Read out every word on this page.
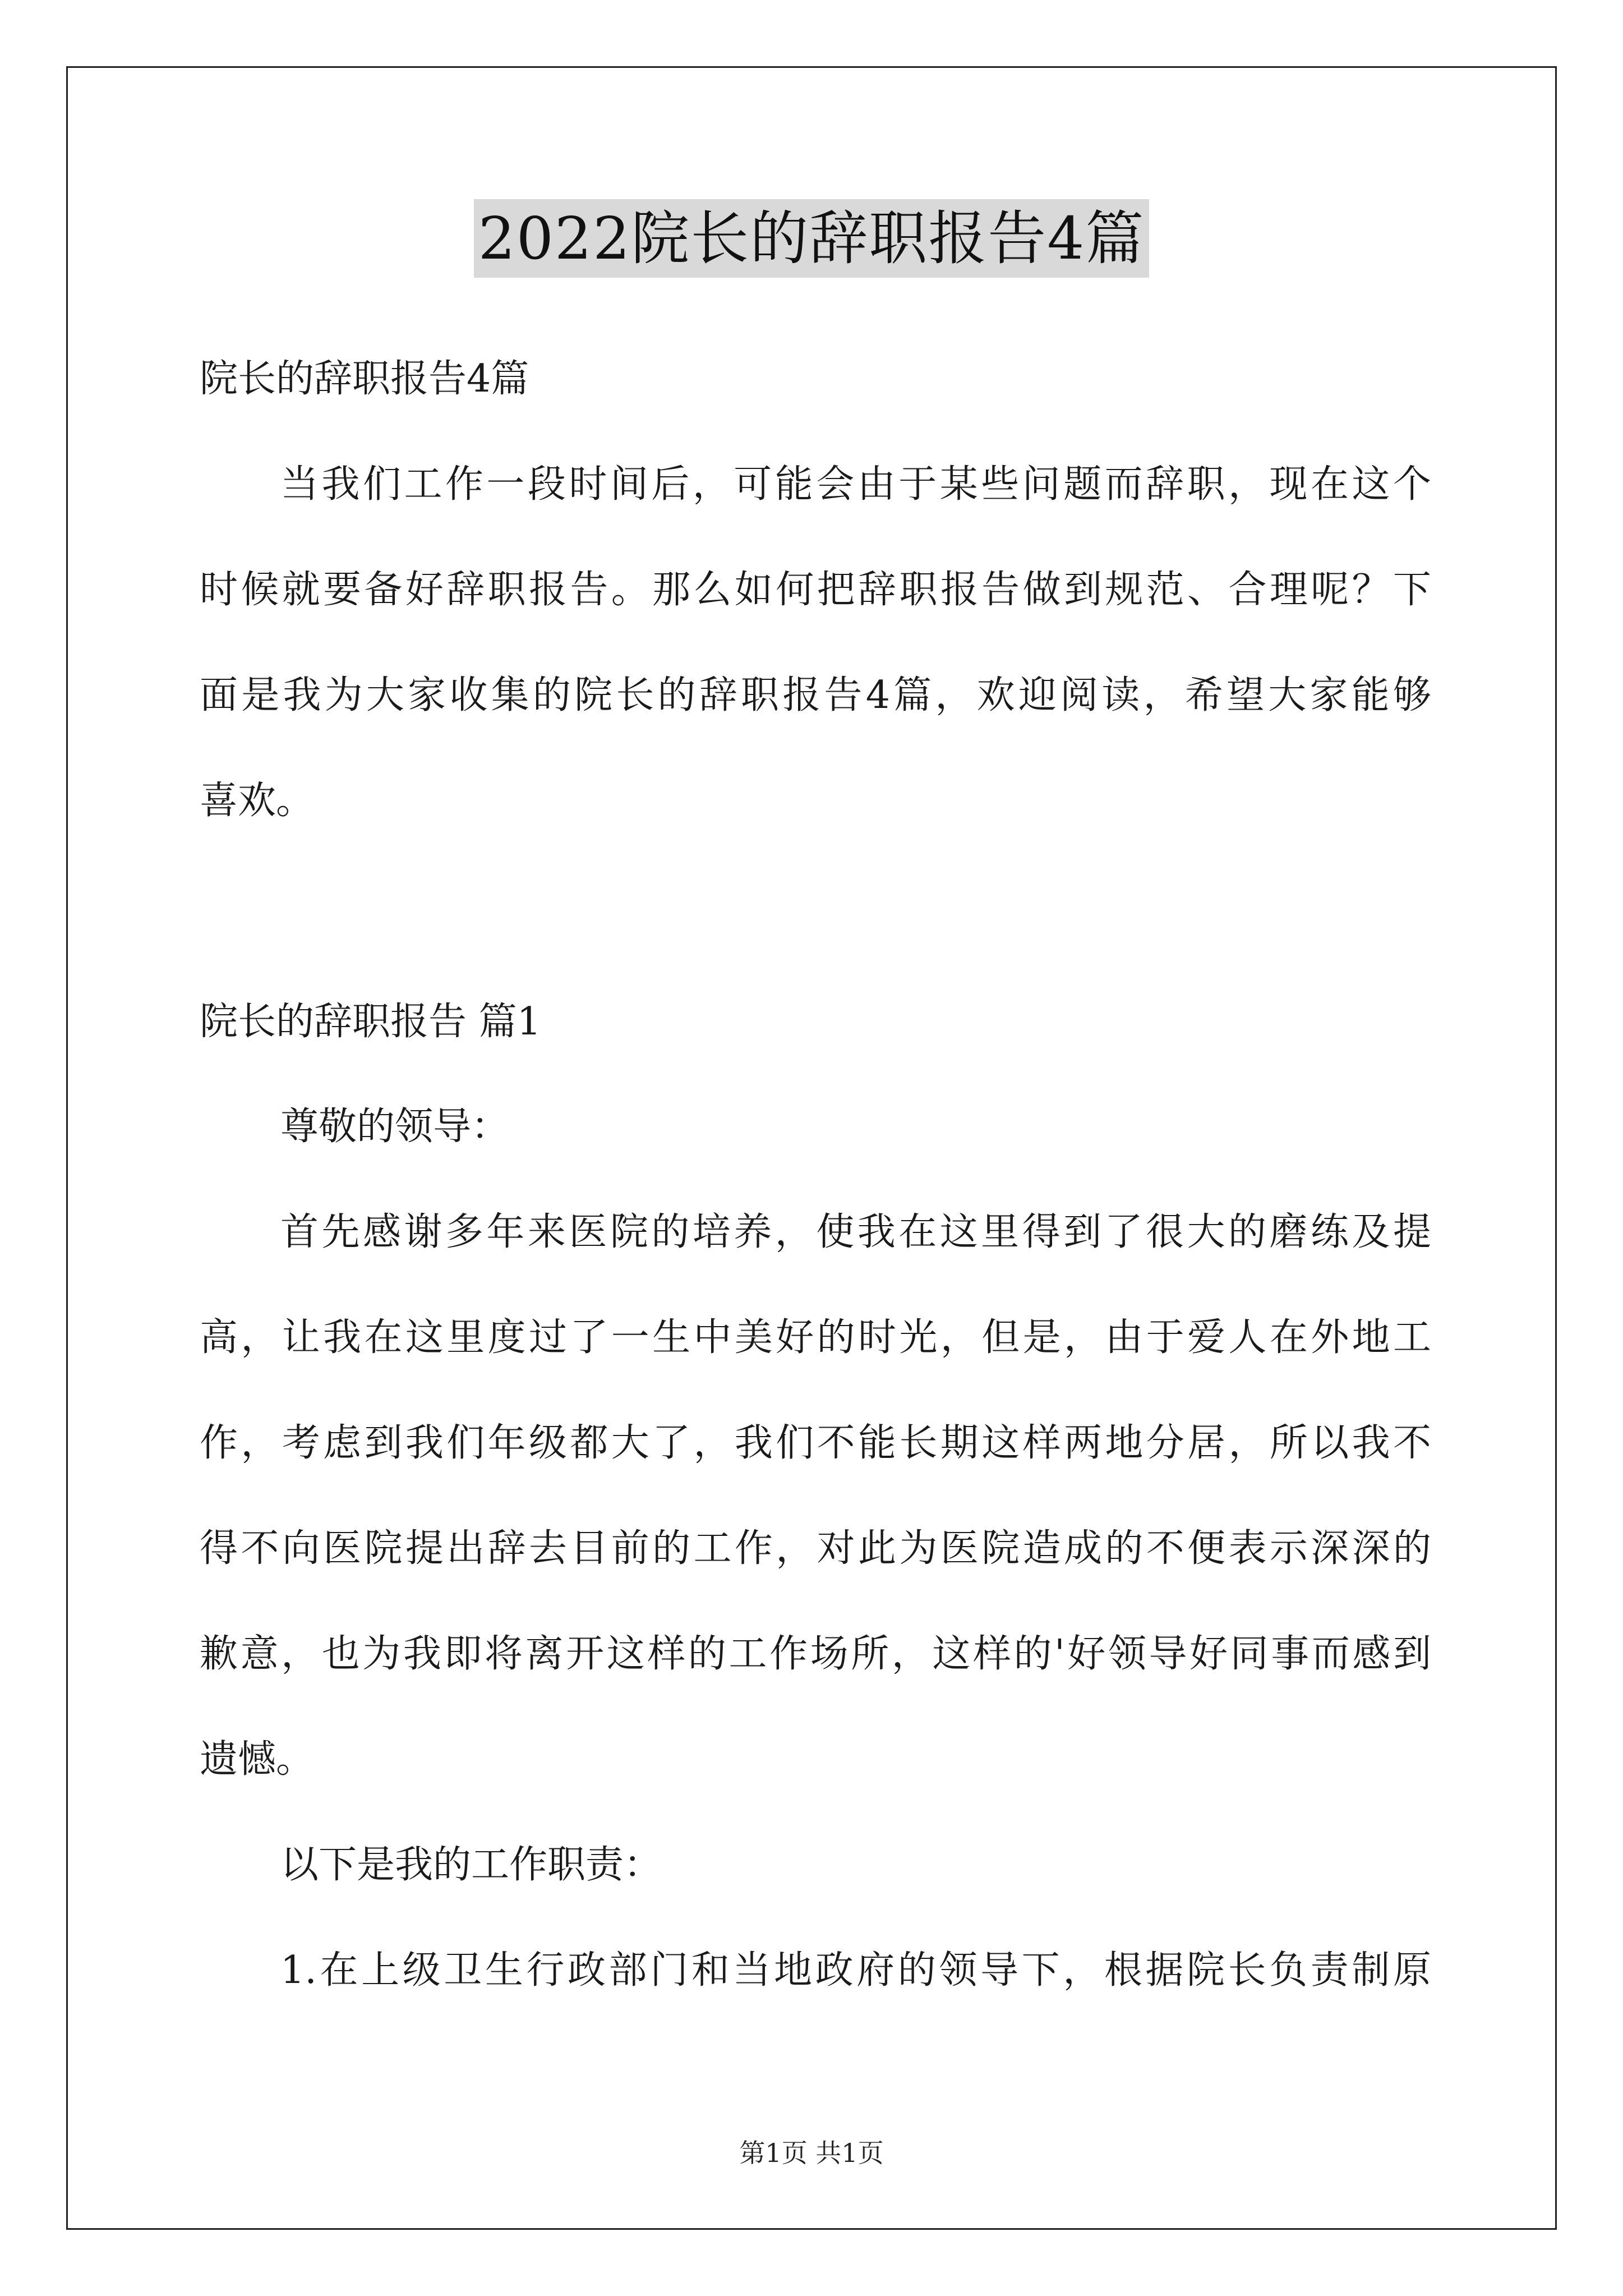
2022院长的辞职报告4篇
院长的辞职报告4篇
当我们工作一段时间后，可能会由于某些问题而辞职，现在这个
时候就要备好辞职报告。那么如何把辞职报告做到规范、合理呢？下
面是我为大家收集的院长的辞职报告4篇，欢迎阅读，希望大家能够
喜欢。
院长的辞职报告 篇1
尊敬的领导：
首先感谢多年来医院的培养，使我在这里得到了很大的磨练及提
高，让我在这里度过了一生中美好的时光，但是，由于爱人在外地工
作，考虑到我们年级都大了，我们不能长期这样两地分居，所以我不
得不向医院提出辞去目前的工作，对此为医院造成的不便表示深深的
歉意，也为我即将离开这样的工作场所，这样的'好领导好同事而感到
遗憾。
以下是我的工作职责：
1.在上级卫生行政部门和当地政府的领导下，根据院长负责制原
第1页 共1页
